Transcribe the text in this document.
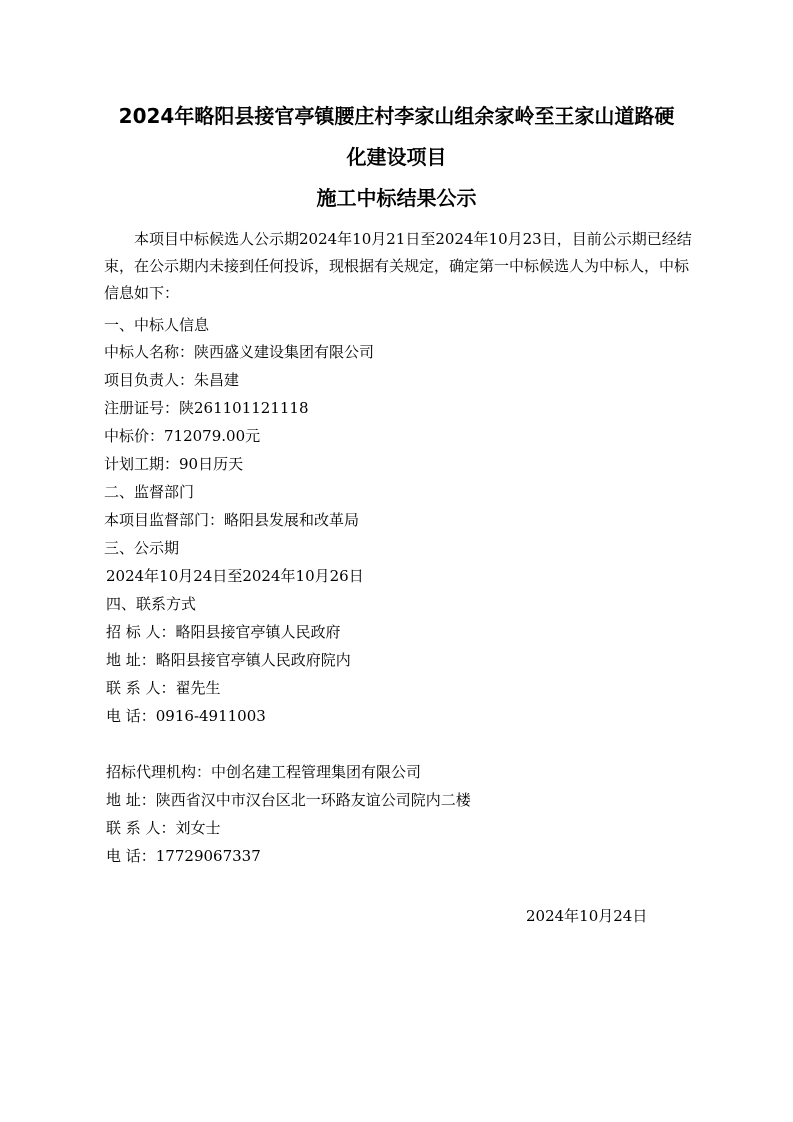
2024年略阳县接官亭镇腰庄村李家山组余家岭至王家山道路硬
化建设项目
施工中标结果公示
本项目中标候选人公示期2024年10月21日至2024年10月23日，目前公示期已经结束，在公示期内未接到任何投诉，现根据有关规定，确定第一中标候选人为中标人，中标信息如下：
一、中标人信息
中标人名称：陕西盛义建设集团有限公司
项目负责人：朱昌建
注册证号：陕261101121118
中标价：712079.00元
计划工期：90日历天
二、监督部门
本项目监督部门：略阳县发展和改革局
三、公示期
2024年10月24日至2024年10月26日
四、联系方式
招 标 人：略阳县接官亭镇人民政府
地 址：略阳县接官亭镇人民政府院内
联 系 人：翟先生
电 话：0916-4911003
招标代理机构：中创名建工程管理集团有限公司
地 址：陕西省汉中市汉台区北一环路友谊公司院内二楼
联 系 人：刘女士
电 话：17729067337
2024年10月24日
